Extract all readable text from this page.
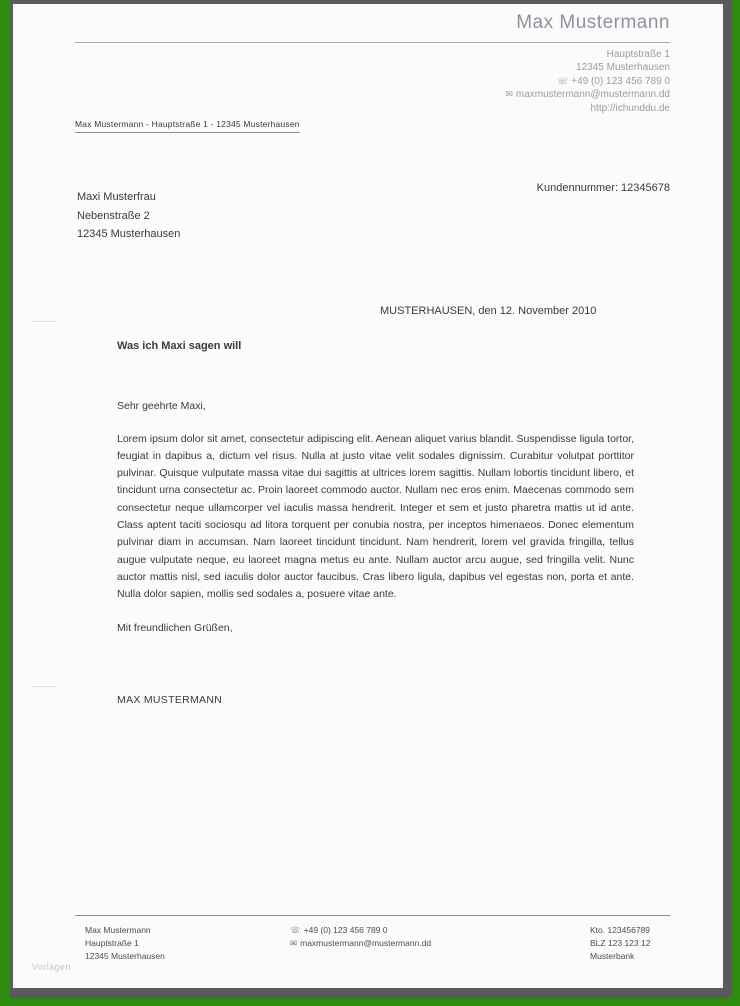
Max Mustermann
Hauptstraße 1
12345 Musterhausen
☏ +49 (0) 123 456 789 0
✉ maxmustermann@mustermann.dd
http://ichunddu.de
Max Mustermann - Hauptstraße 1 - 12345 Musterhausen
Maxi Musterfrau
Nebenstraße 2
12345 Musterhausen
Kundennummer: 12345678
MUSTERHAUSEN, den 12. November 2010

Was ich Maxi sagen will

Sehr geehrte Maxi,

Lorem ipsum dolor sit amet, consectetur adipiscing elit. Aenean aliquet varius blandit. Suspendisse ligula tortor, feugiat in dapibus a, dictum vel risus. Nulla at justo vitae velit sodales dignissim. Curabitur volutpat porttitor pulvinar. Quisque vulputate massa vitae dui sagittis at ultrices lorem sagittis. Nullam lobortis tincidunt libero, et tincidunt urna consectetur ac. Proin laoreet commodo auctor. Nullam nec eros enim. Maecenas commodo sem consectetur neque ullamcorper vel iaculis massa hendrerit. Integer et sem et justo pharetra mattis ut id ante. Class aptent taciti sociosqu ad litora torquent per conubia nostra, per inceptos himenaeos. Donec elementum pulvinar diam in accumsan. Nam laoreet tincidunt tincidunt. Nam hendrerit, lorem vel gravida fringilla, tellus augue vulputate neque, eu laoreet magna metus eu ante. Nullam auctor arcu augue, sed fringilla velit. Nunc auctor mattis nisl, sed iaculis dolor auctor faucibus. Cras libero ligula, dapibus vel egestas non, porta et ante. Nulla dolor sapien, mollis sed sodales a, posuere vitae ante.

Mit freundlichen Grüßen,

MAX MUSTERMANN

Max Mustermann
Hauptstraße 1
12345 Musterhausen
☏ +49 (0) 123 456 789 0
✉ maxmustermann@mustermann.dd
Kto. 123456789
BLZ 123 123 12
Musterbank
Vorlagen
